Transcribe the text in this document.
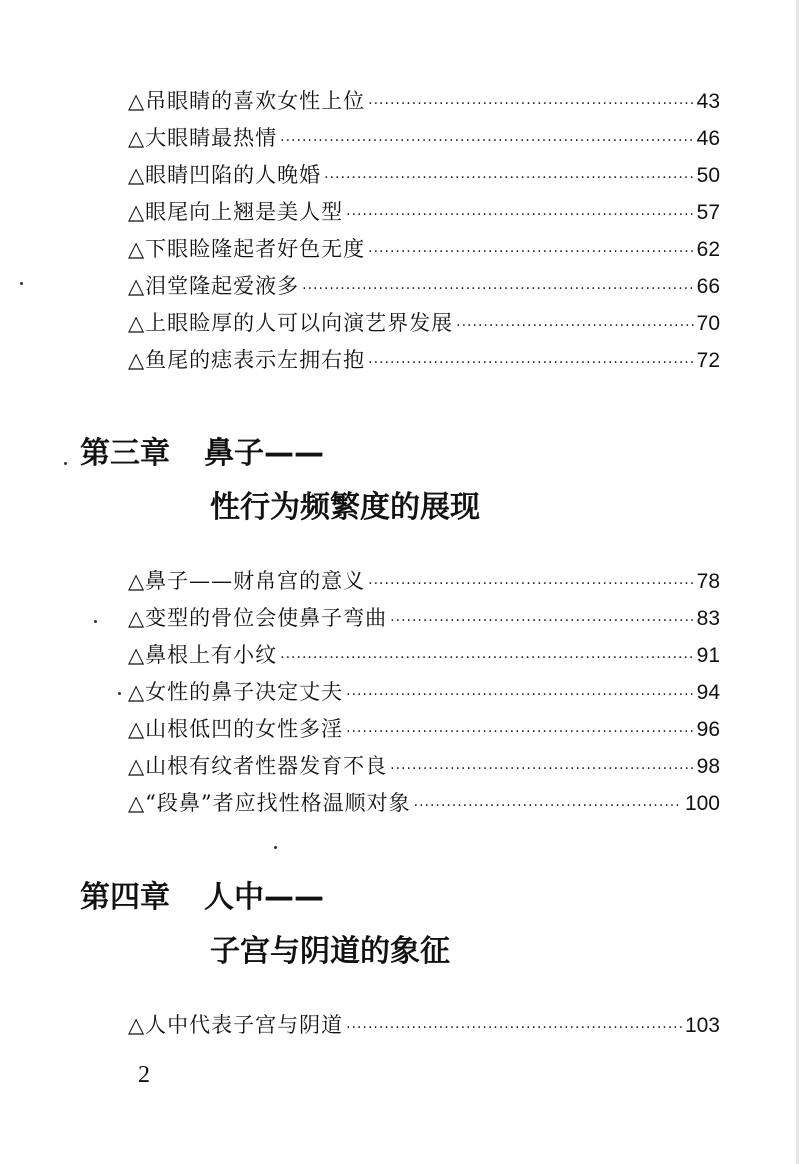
△吊眼睛的喜欢女性上位 ·····	43
△大眼睛最热情 ·····	46
△眼睛凹陷的人晚婚 ·····	50
△眼尾向上翘是美人型 ·····	57
△下眼睑隆起者好色无度 ·····	62
△泪堂隆起爱液多 ·····	66
△上眼睑厚的人可以向演艺界发展 ·····	70
△鱼尾的痣表示左拥右抱 ·····	72
第三章 鼻子——
性行为频繁度的展现
△鼻子——财帛宫的意义 ·····	78
△变型的骨位会使鼻子弯曲 ·····	83
△鼻根上有小纹 ·····	91
△女性的鼻子决定丈夫 ·····	94
△山根低凹的女性多淫 ·····	96
△山根有纹者性器发育不良 ·····	98
△“段鼻”者应找性格温顺对象 ·····	100
第四章 人中——
子宫与阴道的象征
△人中代表子宫与阴道 ·····	103
2
